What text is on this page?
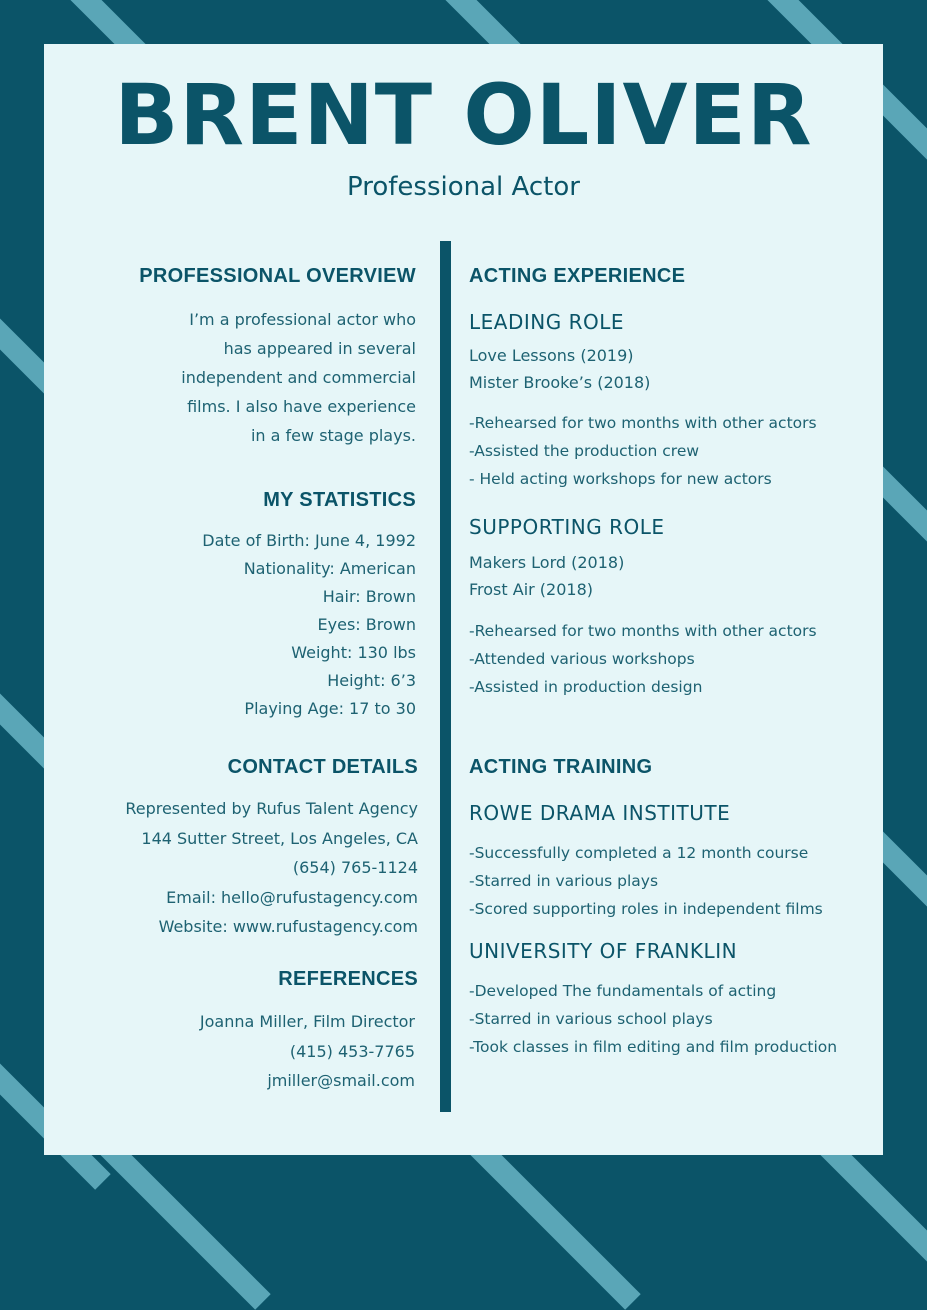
BRENT OLIVER
Professional Actor
PROFESSIONAL OVERVIEW
I’m a professional actor who
has appeared in several
independent and commercial
films. I also have experience
in a few stage plays.
MY STATISTICS
Date of Birth: June 4, 1992
Nationality: American
Hair: Brown
Eyes: Brown
Weight: 130 lbs
Height: 6’3
Playing Age: 17 to 30
CONTACT DETAILS
Represented by Rufus Talent Agency
144 Sutter Street, Los Angeles, CA
(654) 765-1124
Email: hello@rufustagency.com
Website: www.rufustagency.com
REFERENCES
Joanna Miller, Film Director
(415) 453-7765
jmiller@smail.com
ACTING EXPERIENCE
LEADING ROLE
Love Lessons (2019)
Mister Brooke’s (2018)
-Rehearsed for two months with other actors
-Assisted the production crew
- Held acting workshops for new actors
SUPPORTING ROLE
Makers Lord (2018)
Frost Air (2018)
-Rehearsed for two months with other actors
-Attended various workshops
-Assisted in production design
ACTING TRAINING
ROWE DRAMA INSTITUTE
-Successfully completed a 12 month course
-Starred in various plays
-Scored supporting roles in independent films
UNIVERSITY OF FRANKLIN
-Developed The fundamentals of acting
-Starred in various school plays
-Took classes in film editing and film production
